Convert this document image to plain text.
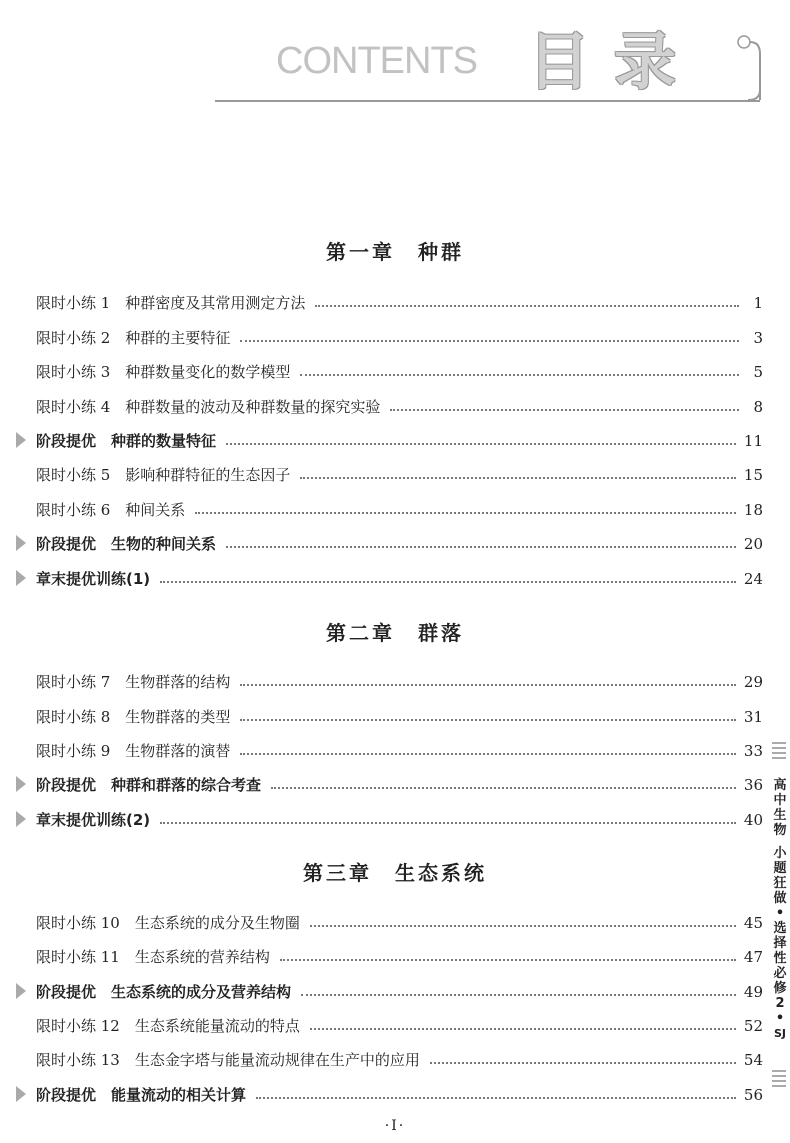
CONTENTS 目录
第一章　种群
第二章　群落
第三章　生态系统
限时小练 1　种群密度及其常用测定方法	1
限时小练 2　种群的主要特征	3
限时小练 3　种群数量变化的数学模型	5
限时小练 4　种群数量的波动及种群数量的探究实验	8
阶段提优　种群的数量特征	11
限时小练 5　影响种群特征的生态因子	15
限时小练 6　种间关系	18
阶段提优　生物的种间关系	20
章末提优训练(1)	24
限时小练 7　生物群落的结构	29
限时小练 8　生物群落的类型	31
限时小练 9　生物群落的演替	33
阶段提优　种群和群落的综合考查	36
章末提优训练(2)	40
限时小练 10　生态系统的成分及生物圈	45
限时小练 11　生态系统的营养结构	47
阶段提优　生态系统的成分及营养结构	49
限时小练 12　生态系统能量流动的特点	52
限时小练 13　生态金字塔与能量流动规律在生产中的应用	54
阶段提优　能量流动的相关计算	56
高
中
生
物
小
题
狂
做
•
选
择
性
必
修
2
•
SJ
·I·
